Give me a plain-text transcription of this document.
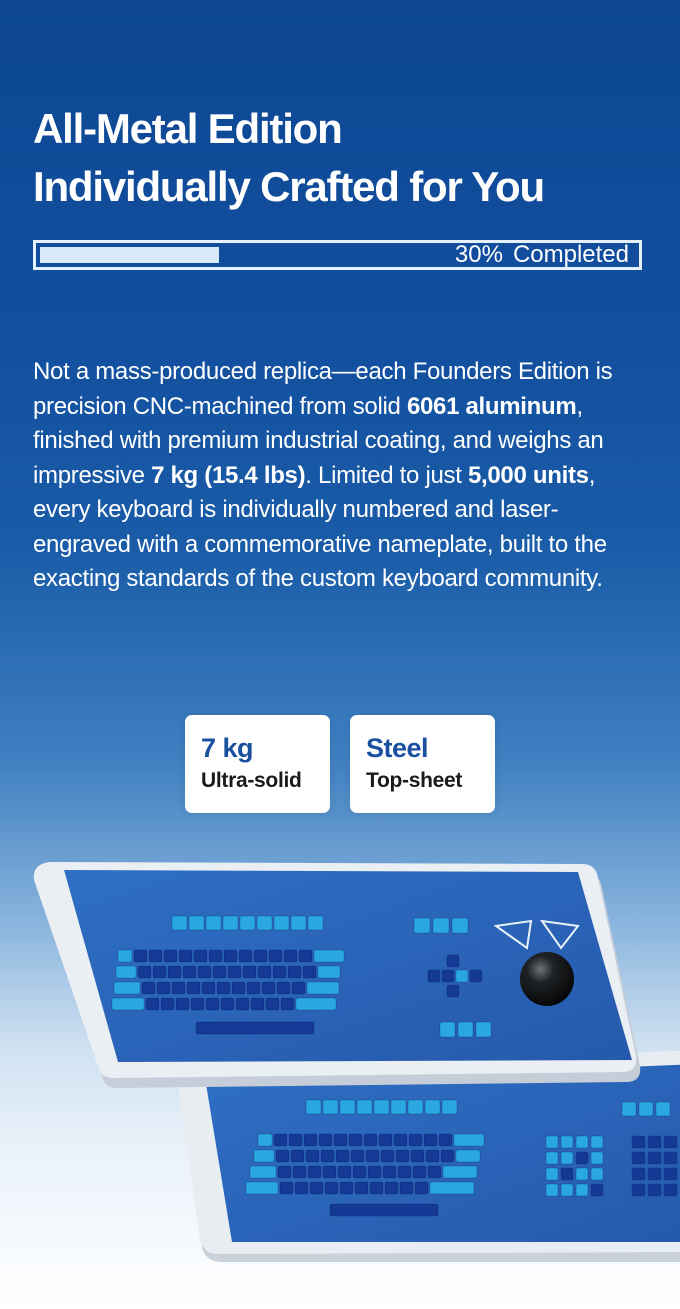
All-Metal Edition
Individually Crafted for You
30% Completed

Not a mass-produced replica—each Founders Edition is precision CNC-machined from solid 6061 aluminum, finished with premium industrial coating, and weighs an impressive 7 kg (15.4 lbs). Limited to just 5,000 units, every keyboard is individually numbered and laser-engraved with a commemorative nameplate, built to the exacting standards of the custom keyboard community.

7 kg
Ultra-solid
Steel
Top-sheet
